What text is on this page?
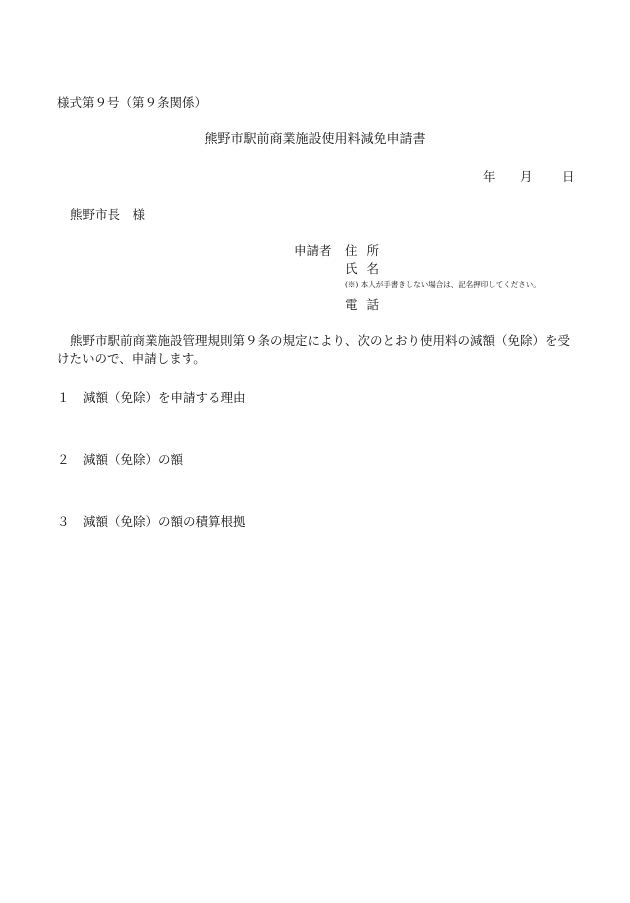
様式第９号（第９条関係）
熊野市駅前商業施設使用料減免申請書
年 月 日
熊野市長　様
申請者 住所
氏名
(※) 本人が手書きしない場合は、記名押印してください。
電話
熊野市駅前商業施設管理規則第９条の規定により、次のとおり使用料の減額（免除）を受けたいので、申請します。
１ 減額（免除）を申請する理由
２ 減額（免除）の額
３ 減額（免除）の額の積算根拠
